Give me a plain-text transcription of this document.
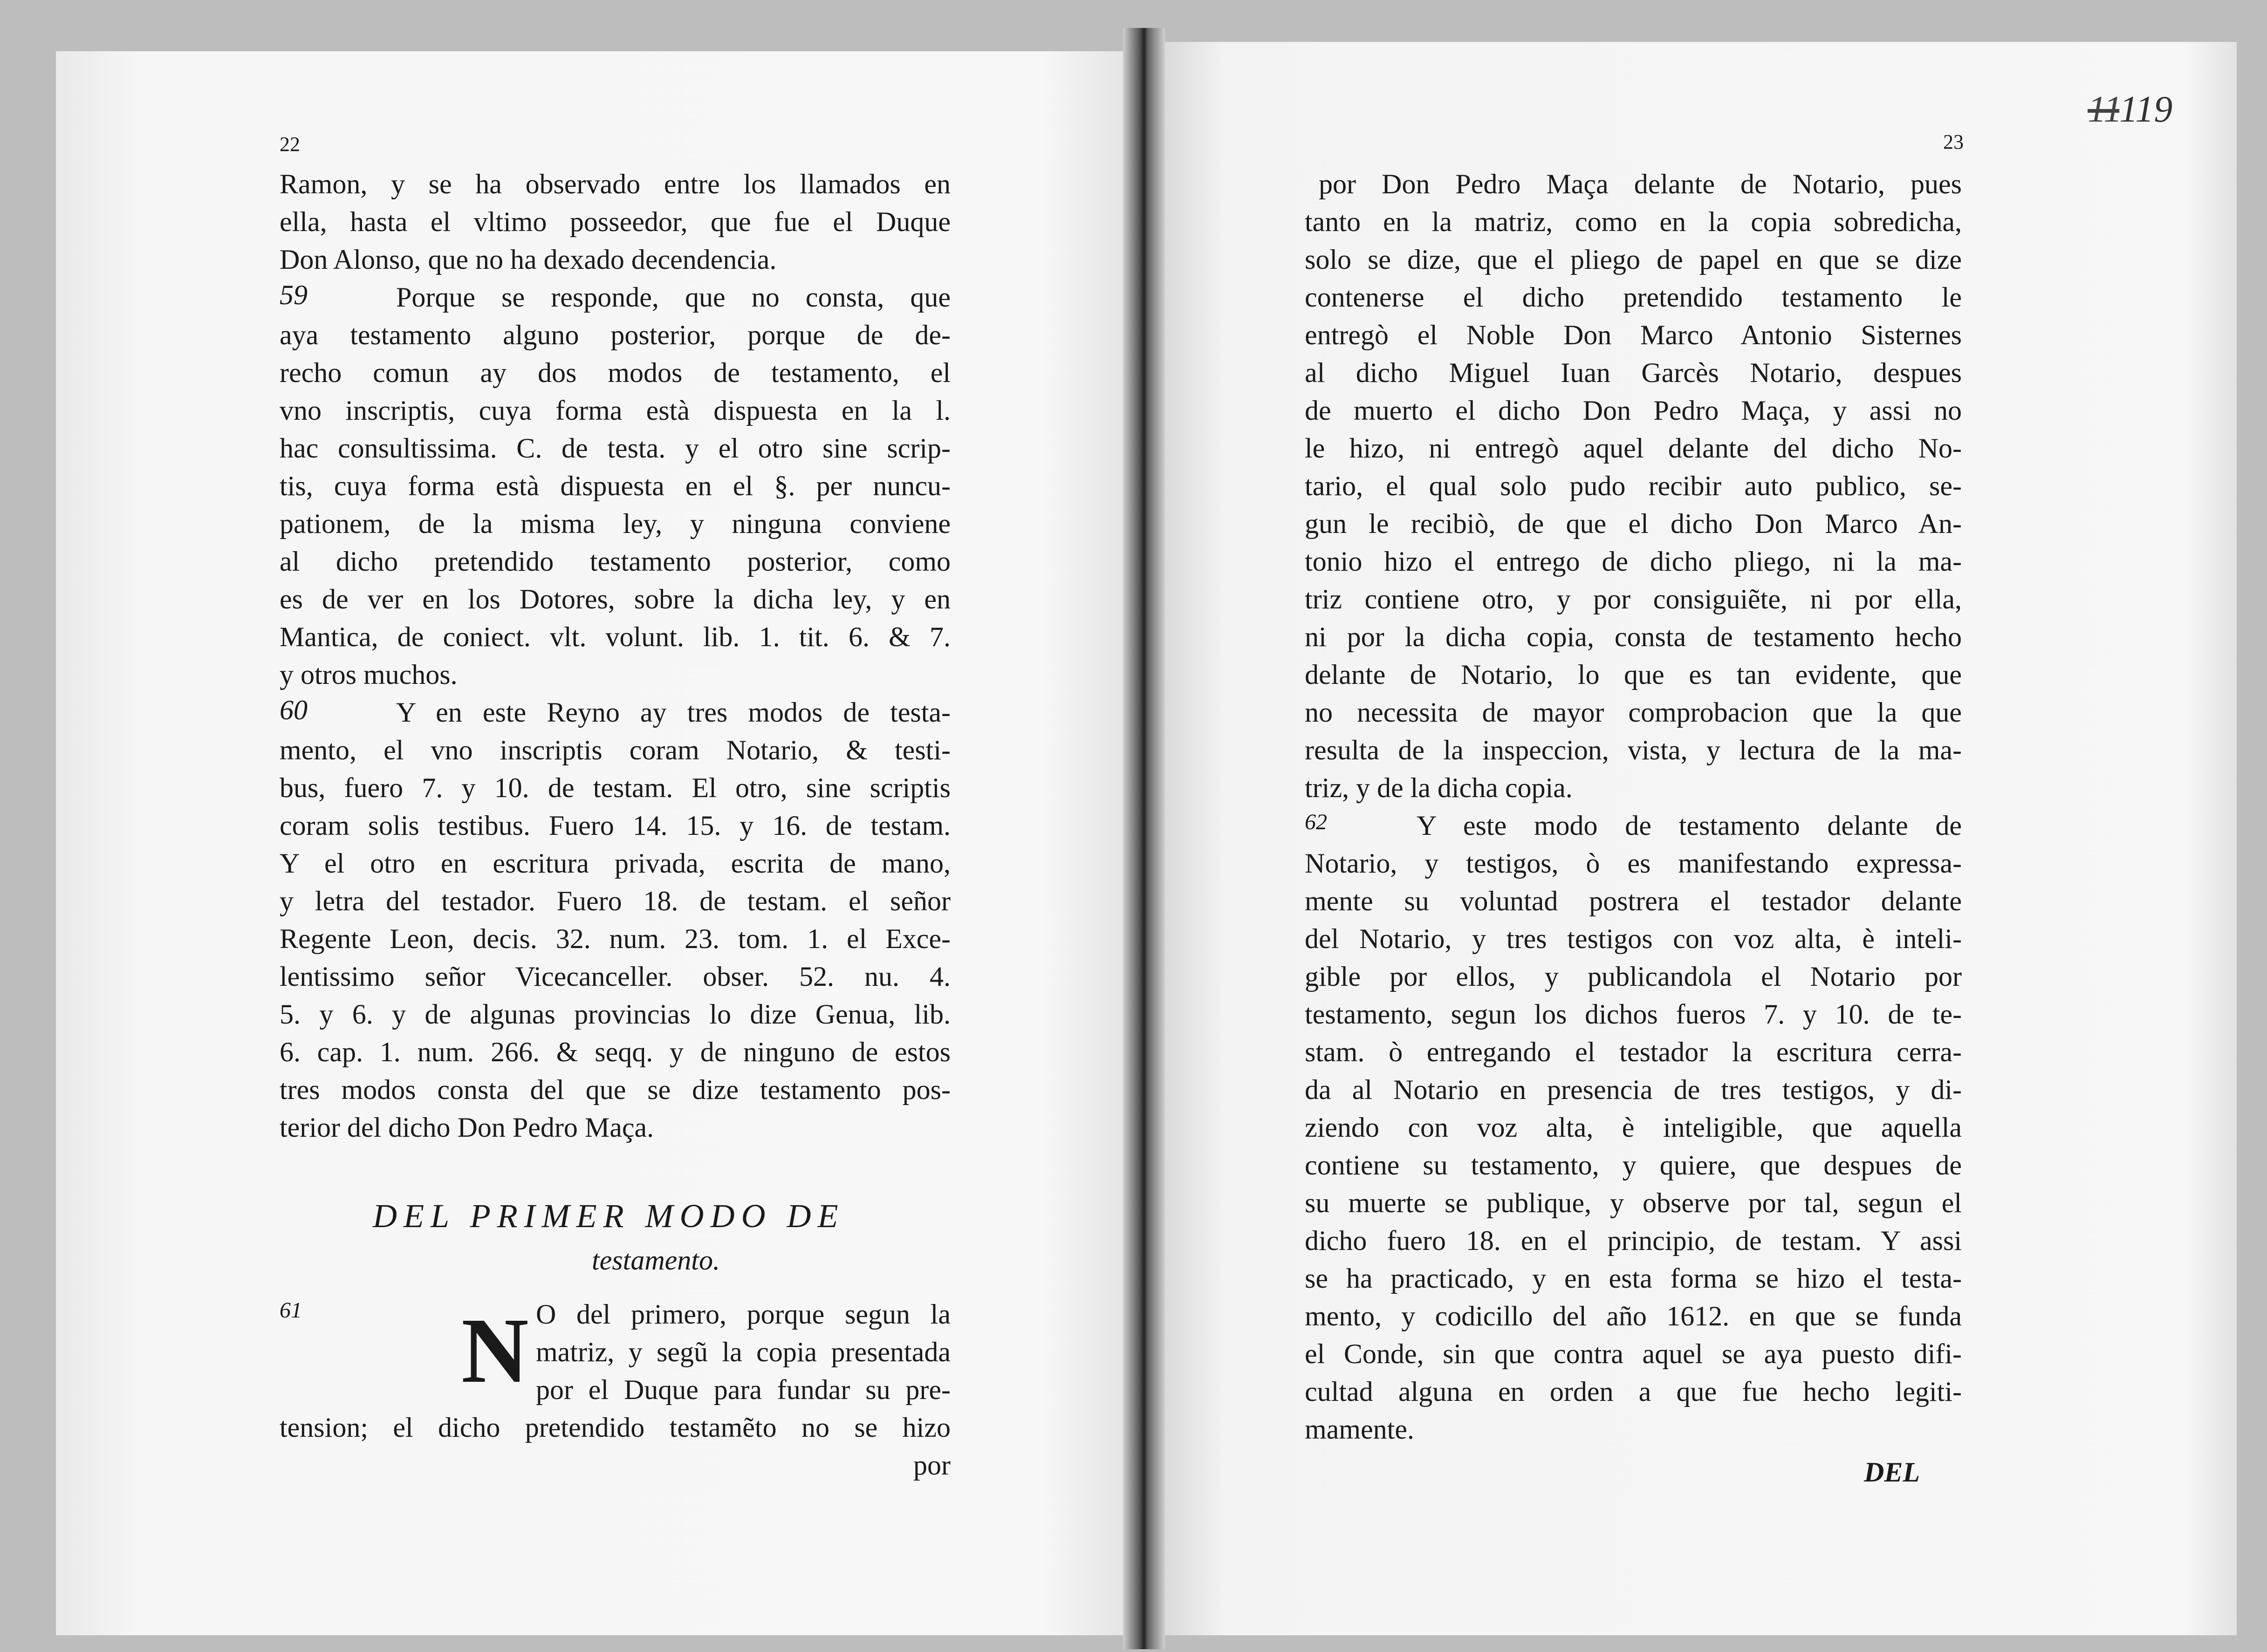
22
Ramon, y se ha observado entre los llamados en
ella, hasta el vltimo posseedor, que fue el Duque
Don Alonso, que no ha dexado decendencia.
Porque se responde, que no consta, que
aya testamento alguno posterior, porque de de-
recho comun ay dos modos de testamento, el
vno inscriptis, cuya forma està dispuesta en la l.
hac consultissima. C. de testa. y el otro sine scrip-
tis, cuya forma està dispuesta en el §. per nuncu-
pationem, de la misma ley, y ninguna conviene
al dicho pretendido testamento posterior, como
es de ver en los Dotores, sobre la dicha ley, y en
Mantica, de coniect. vlt. volunt. lib. 1. tit. 6. & 7.
y otros muchos.
Y en este Reyno ay tres modos de testa-
mento, el vno inscriptis coram Notario, & testi-
bus, fuero 7. y 10. de testam. El otro, sine scriptis
coram solis testibus. Fuero 14. 15. y 16. de testam.
Y el otro en escritura privada, escrita de mano,
y letra del testador. Fuero 18. de testam. el señor
Regente Leon, decis. 32. num. 23. tom. 1. el Exce-
lentissimo señor Vicecanceller. obser. 52. nu. 4.
5. y 6. y de algunas provincias lo dize Genua, lib.
6. cap. 1. num. 266. & seqq. y de ninguno de estos
tres modos consta del que se dize testamento pos-
terior del dicho Don Pedro Maça.
59
60
DEL PRIMER MODO DE
testamento.
61 N O del primero, porque segun la
matriz, y segũ la copia presentada
por el Duque para fundar su pre-
tension; el dicho pretendido testamẽto no se hizo
por
11119
23
por Don Pedro Maça delante de Notario, pues
tanto en la matriz, como en la copia sobredicha,
solo se dize, que el pliego de papel en que se dize
contenerse el dicho pretendido testamento le
entregò el Noble Don Marco Antonio Sisternes
al dicho Miguel Iuan Garcès Notario, despues
de muerto el dicho Don Pedro Maça, y assi no
le hizo, ni entregò aquel delante del dicho No-
tario, el qual solo pudo recibir auto publico, se-
gun le recibiò, de que el dicho Don Marco An-
tonio hizo el entrego de dicho pliego, ni la ma-
triz contiene otro, y por consiguiẽte, ni por ella,
ni por la dicha copia, consta de testamento hecho
delante de Notario, lo que es tan evidente, que
no necessita de mayor comprobacion que la que
resulta de la inspeccion, vista, y lectura de la ma-
triz, y de la dicha copia.
Y este modo de testamento delante de
Notario, y testigos, ò es manifestando expressa-
mente su voluntad postrera el testador delante
del Notario, y tres testigos con voz alta, è inteli-
gible por ellos, y publicandola el Notario por
testamento, segun los dichos fueros 7. y 10. de te-
stam. ò entregando el testador la escritura cerra-
da al Notario en presencia de tres testigos, y di-
ziendo con voz alta, è inteligible, que aquella
contiene su testamento, y quiere, que despues de
su muerte se publique, y observe por tal, segun el
dicho fuero 18. en el principio, de testam. Y assi
se ha practicado, y en esta forma se hizo el testa-
mento, y codicillo del año 1612. en que se funda
el Conde, sin que contra aquel se aya puesto difi-
cultad alguna en orden a que fue hecho legiti-
mamente.
62
DEL
